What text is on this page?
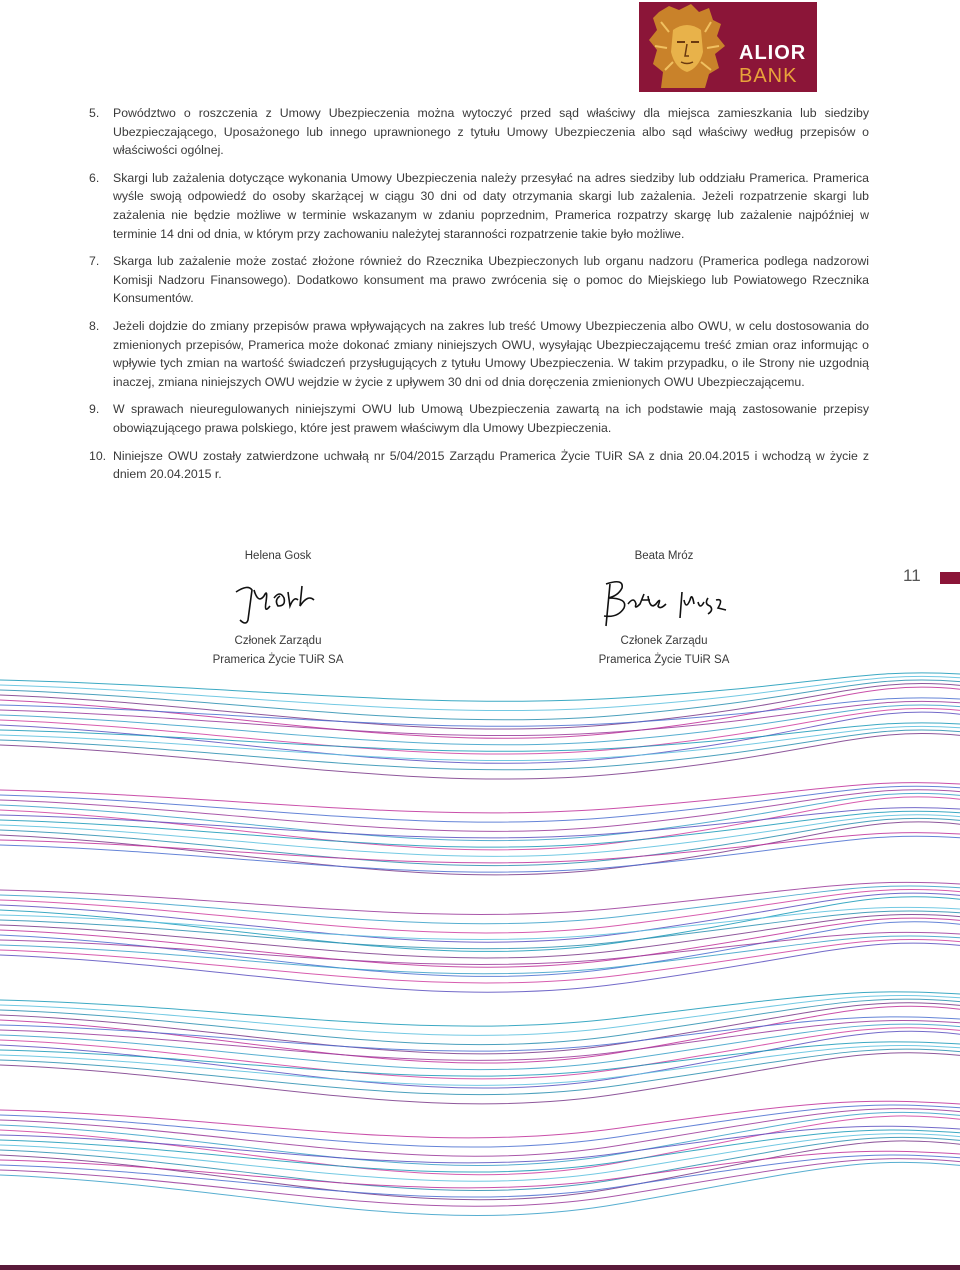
ALIOR
BANK
5.	Powództwo o roszczenia z Umowy Ubezpieczenia można wytoczyć przed sąd właściwy dla miejsca zamieszkania lub siedziby Ubezpieczającego, Uposażonego lub innego uprawnionego z tytułu Umowy Ubezpieczenia albo sąd właściwy według przepisów o właściwości ogólnej.
6.	Skargi lub zażalenia dotyczące wykonania Umowy Ubezpieczenia należy przesyłać na adres siedziby lub oddziału Pramerica. Pramerica wyśle swoją odpowiedź do osoby skarżącej w ciągu 30 dni od daty otrzymania skargi lub zażalenia. Jeżeli rozpatrzenie skargi lub zażalenia nie będzie możliwe w terminie wskazanym w zdaniu poprzednim, Pramerica rozpatrzy skargę lub zażalenie najpóźniej w terminie 14 dni od dnia, w którym przy zachowaniu należytej staranności rozpatrzenie takie było możliwe.
7.	Skarga lub zażalenie może zostać złożone również do Rzecznika Ubezpieczonych lub organu nadzoru (Pramerica podlega nadzorowi Komisji Nadzoru Finansowego). Dodatkowo konsument ma prawo zwrócenia się o pomoc do Miejskiego lub Powiatowego Rzecznika Konsumentów.
8.	Jeżeli dojdzie do zmiany przepisów prawa wpływających na zakres lub treść Umowy Ubezpieczenia albo OWU, w celu dostosowania do zmienionych przepisów, Pramerica może dokonać zmiany niniejszych OWU, wysyłając Ubezpieczającemu treść zmian oraz informując o wpływie tych zmian na wartość świadczeń przysługujących z tytułu Umowy Ubezpieczenia. W takim przypadku, o ile Strony nie uzgodnią inaczej, zmiana niniejszych OWU wejdzie w życie z upływem 30 dni od dnia doręczenia zmienionych OWU Ubezpieczającemu.
9.	W sprawach nieuregulowanych niniejszymi OWU lub Umową Ubezpieczenia zawartą na ich podstawie mają zastosowanie przepisy obowiązującego prawa polskiego, które jest prawem właściwym dla Umowy Ubezpieczenia.
10. Niniejsze OWU zostały zatwierdzone uchwałą nr 5/04/2015 Zarządu Pramerica Życie TUiR SA z dnia 20.04.2015 i wchodzą w życie z dniem 20.04.2015 r.
Helena Gosk
Członek Zarządu
Pramerica Życie TUiR SA
Beata Mróz
Członek Zarządu
Pramerica Życie TUiR SA
11
